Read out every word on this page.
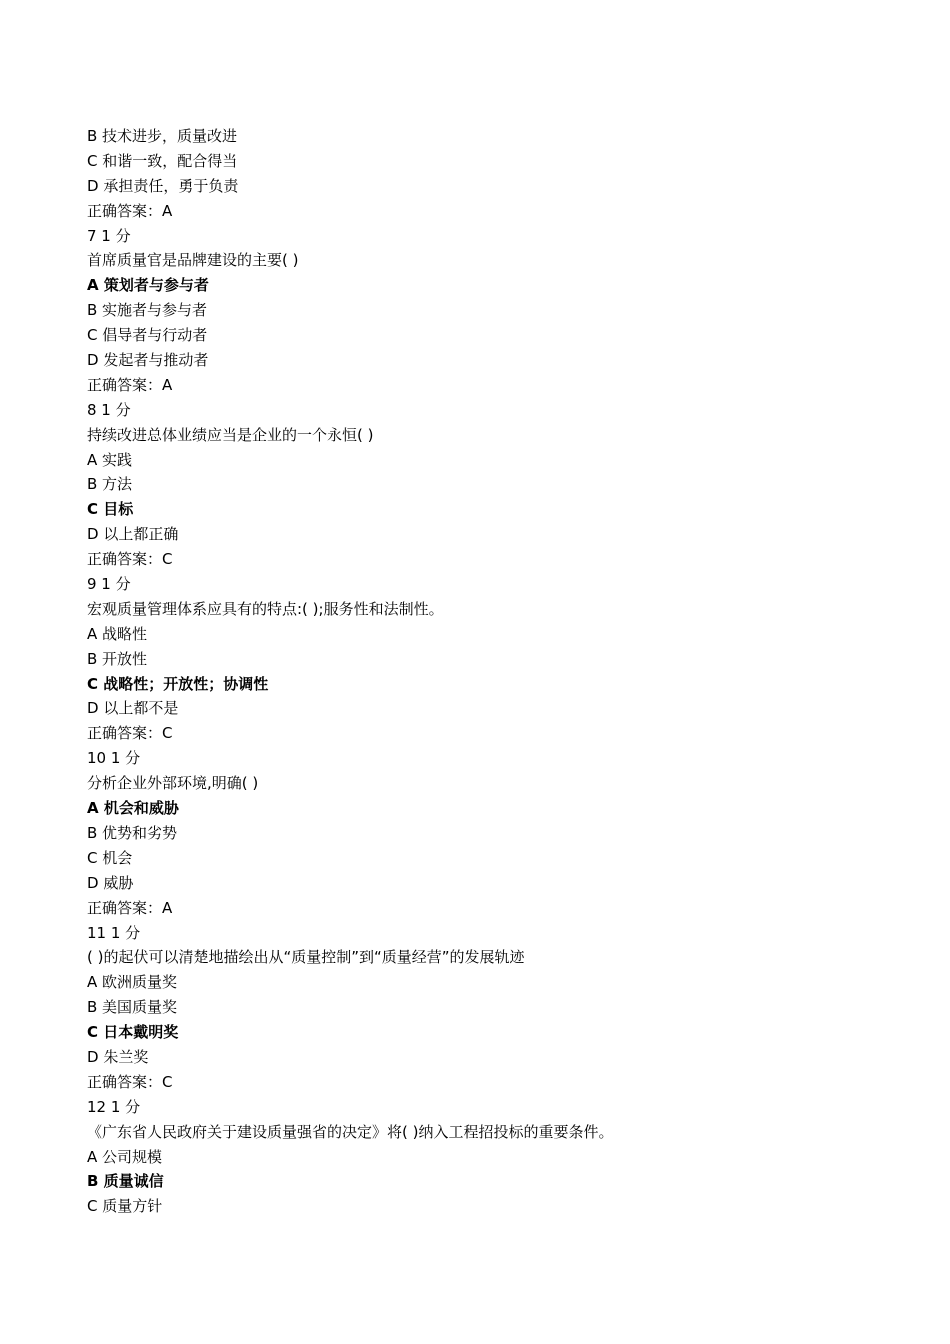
B 技术进步，质量改进
C 和谐一致，配合得当
D 承担责任，勇于负责
正确答案：A
7 1 分
首席质量官是品牌建设的主要( )
A 策划者与参与者
B 实施者与参与者
C 倡导者与行动者
D 发起者与推动者
正确答案：A
8 1 分
持续改进总体业绩应当是企业的一个永恒( )
A 实践
B 方法
C 目标
D 以上都正确
正确答案：C
9 1 分
宏观质量管理体系应具有的特点:( );服务性和法制性。
A 战略性
B 开放性
C 战略性；开放性；协调性
D 以上都不是
正确答案：C
10 1 分
分析企业外部环境,明确( )
A 机会和威胁
B 优势和劣势
C 机会
D 威胁
正确答案：A
11 1 分
( )的起伏可以清楚地描绘出从“质量控制”到“质量经营”的发展轨迹
A 欧洲质量奖
B 美国质量奖
C 日本戴明奖
D 朱兰奖
正确答案：C
12 1 分
《广东省人民政府关于建设质量强省的决定》将( )纳入工程招投标的重要条件。
A 公司规模
B 质量诚信
C 质量方针
